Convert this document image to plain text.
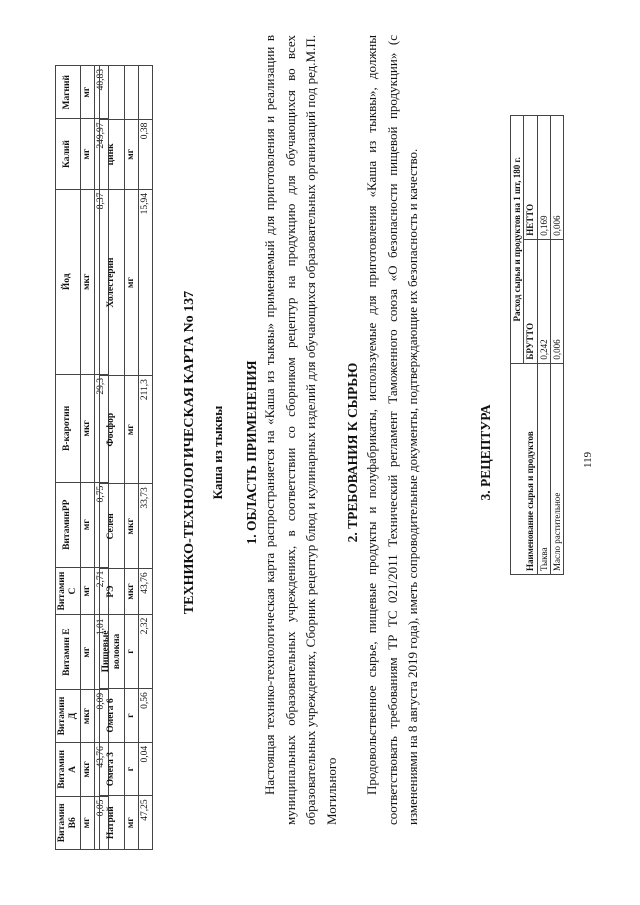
Витамин В6	Витамин А	Витамин Д	Витамин Е	Витамин С	ВитаминРР	В-каротин	Йод	Калий	Магний
мг	мкг	мкг	мг	мг	мг	мкг	мкг	мг	мг
0,05	43,76	0,09	1,01	2,71	0,75	29,3	8,37	249,97	40,83
Натрий	Омега 3	Омега 6	Пищевые волокна	РЭ	Селен	Фосфор	Холестерин	цинк	
мг	г	г	г	мкг	мкг	мг	мг	мг	
47,25	0,04	0,56	2,32	43,76	33,73	211,3	15,94	0,38	
ТЕХНИКО-ТЕХНОЛОГИЧЕСКАЯ КАРТА No 137 Каша из тыквы 1. ОБЛАСТЬ ПРИМЕНЕНИЯ Настоящая технико-технологическая карта распространяется на «Каша из тыквы» применяемый для приготовления и реализации в муниципальных образовательных учреждениях, в соответствии со сборником рецептур на продукцию для обучающихся во всех образовательных учреждениях, Сборник рецептур блюд и кулинарных изделий для обучающихся образовательных организаций под ред.М.П. Могильного
2. ТРЕБОВАНИЯ К СЫРЬЮ Продовольственное сырье, пищевые продукты и полуфабрикаты, используемые для приготовления «Каша из тыквы», должны соответствовать требованиям ТР ТС 021/2011 Технический регламент Таможенного союза «О безопасности пищевой продукции» (с изменениями на 8 августа 2019 года), иметь сопроводительные документы, подтверждающие их безопасность и качество.	3. РЕЦЕПТУРА	Наименование сырья и продуктов	Расход сырья и продуктов на 1 шт, 180 г.	
	БРУТТО	НЕТТО
Тыква	0,242	0,169
Масло растительное	0,006	0,006
119
